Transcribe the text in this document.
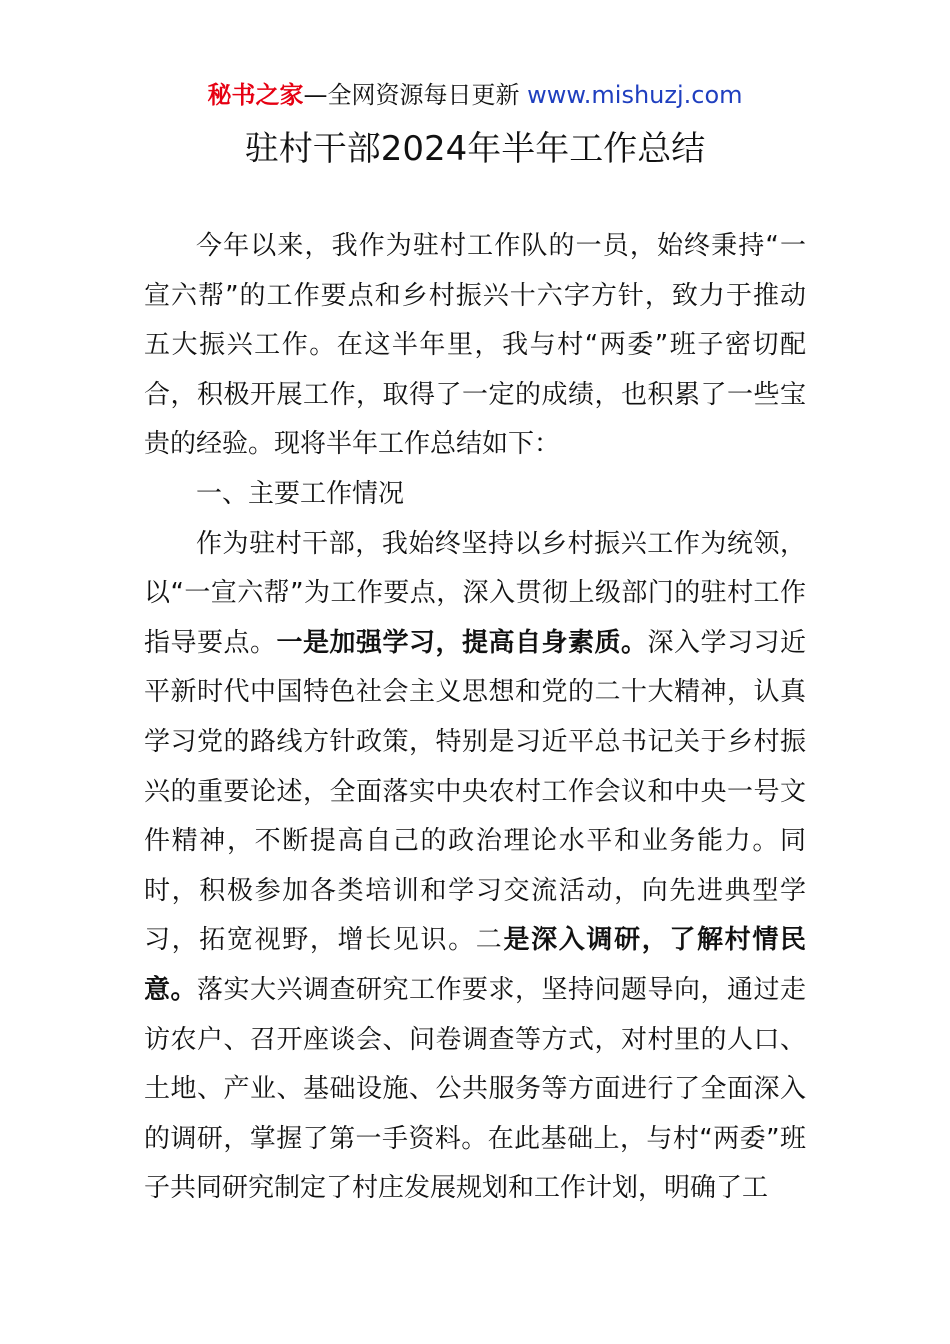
秘书之家—全网资源每日更新 www.mishuzj.com
驻村干部2024年半年工作总结

今年以来，我作为驻村工作队的一员，始终秉持“一宣六帮”的工作要点和乡村振兴十六字方针，致力于推动五大振兴工作。在这半年里，我与村“两委”班子密切配合，积极开展工作，取得了一定的成绩，也积累了一些宝贵的经验。现将半年工作总结如下：

一、主要工作情况

作为驻村干部，我始终坚持以乡村振兴工作为统领，以“一宣六帮”为工作要点，深入贯彻上级部门的驻村工作指导要点。一是加强学习，提高自身素质。深入学习习近平新时代中国特色社会主义思想和党的二十大精神，认真学习党的路线方针政策，特别是习近平总书记关于乡村振兴的重要论述，全面落实中央农村工作会议和中央一号文件精神，不断提高自己的政治理论水平和业务能力。同时，积极参加各类培训和学习交流活动，向先进典型学习，拓宽视野，增长见识。二是深入调研，了解村情民意。落实大兴调查研究工作要求，坚持问题导向，通过走访农户、召开座谈会、问卷调查等方式，对村里的人口、土地、产业、基础设施、公共服务等方面进行了全面深入的调研，掌握了第一手资料。在此基础上，与村“两委”班子共同研究制定了村庄发展规划和工作计划，明确了工
